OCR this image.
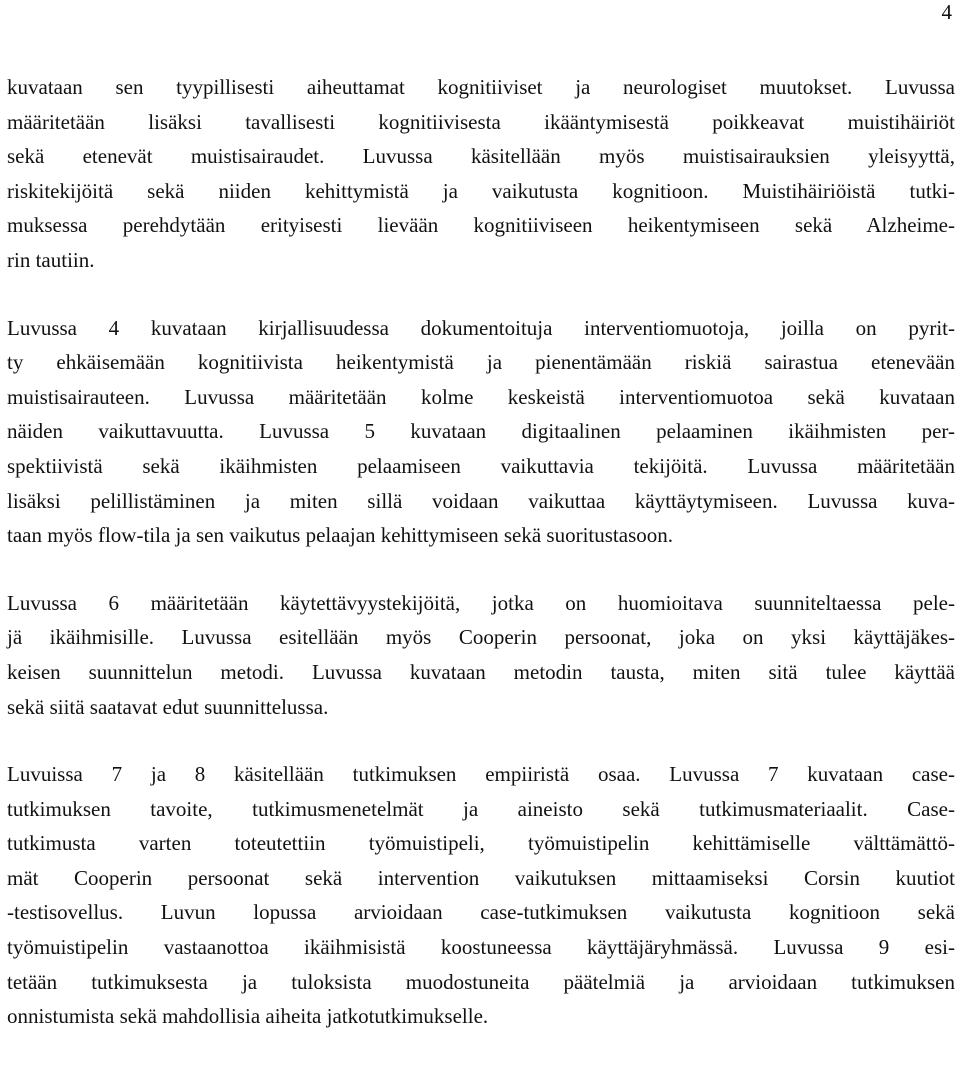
4

kuvataan sen tyypillisesti aiheuttamat kognitiiviset ja neurologiset muutokset. Luvussa
määritetään lisäksi tavallisesti kognitiivisesta ikääntymisestä poikkeavat muistihäiriöt
sekä etenevät muistisairaudet. Luvussa käsitellään myös muistisairauksien yleisyyttä,
riskitekijöitä sekä niiden kehittymistä ja vaikutusta kognitioon. Muistihäiriöistä tutki-
muksessa perehdytään erityisesti lievään kognitiiviseen heikentymiseen sekä Alzheime-
rin tautiin.

Luvussa 4 kuvataan kirjallisuudessa dokumentoituja interventiomuotoja, joilla on pyrit-
ty ehkäisemään kognitiivista heikentymistä ja pienentämään riskiä sairastua etenevään
muistisairauteen. Luvussa määritetään kolme keskeistä interventiomuotoa sekä kuvataan
näiden vaikuttavuutta. Luvussa 5 kuvataan digitaalinen pelaaminen ikäihmisten per-
spektiivistä sekä ikäihmisten pelaamiseen vaikuttavia tekijöitä. Luvussa määritetään
lisäksi pelillistäminen ja miten sillä voidaan vaikuttaa käyttäytymiseen. Luvussa kuva-
taan myös flow-tila ja sen vaikutus pelaajan kehittymiseen sekä suoritustasoon.

Luvussa 6 määritetään käytettävyystekijöitä, jotka on huomioitava suunniteltaessa pele-
jä ikäihmisille. Luvussa esitellään myös Cooperin persoonat, joka on yksi käyttäjäkes-
keisen suunnittelun metodi. Luvussa kuvataan metodin tausta, miten sitä tulee käyttää
sekä siitä saatavat edut suunnittelussa.

Luvuissa 7 ja 8 käsitellään tutkimuksen empiiristä osaa. Luvussa 7 kuvataan case-
tutkimuksen tavoite, tutkimusmenetelmät ja aineisto sekä tutkimusmateriaalit. Case-
tutkimusta varten toteutettiin työmuistipeli, työmuistipelin kehittämiselle välttämättö-
mät Cooperin persoonat sekä intervention vaikutuksen mittaamiseksi Corsin kuutiot
-testisovellus. Luvun lopussa arvioidaan case-tutkimuksen vaikutusta kognitioon sekä
työmuistipelin vastaanottoa ikäihmisistä koostuneessa käyttäjäryhmässä. Luvussa 9 esi-
tetään tutkimuksesta ja tuloksista muodostuneita päätelmiä ja arvioidaan tutkimuksen
onnistumista sekä mahdollisia aiheita jatkotutkimukselle.
